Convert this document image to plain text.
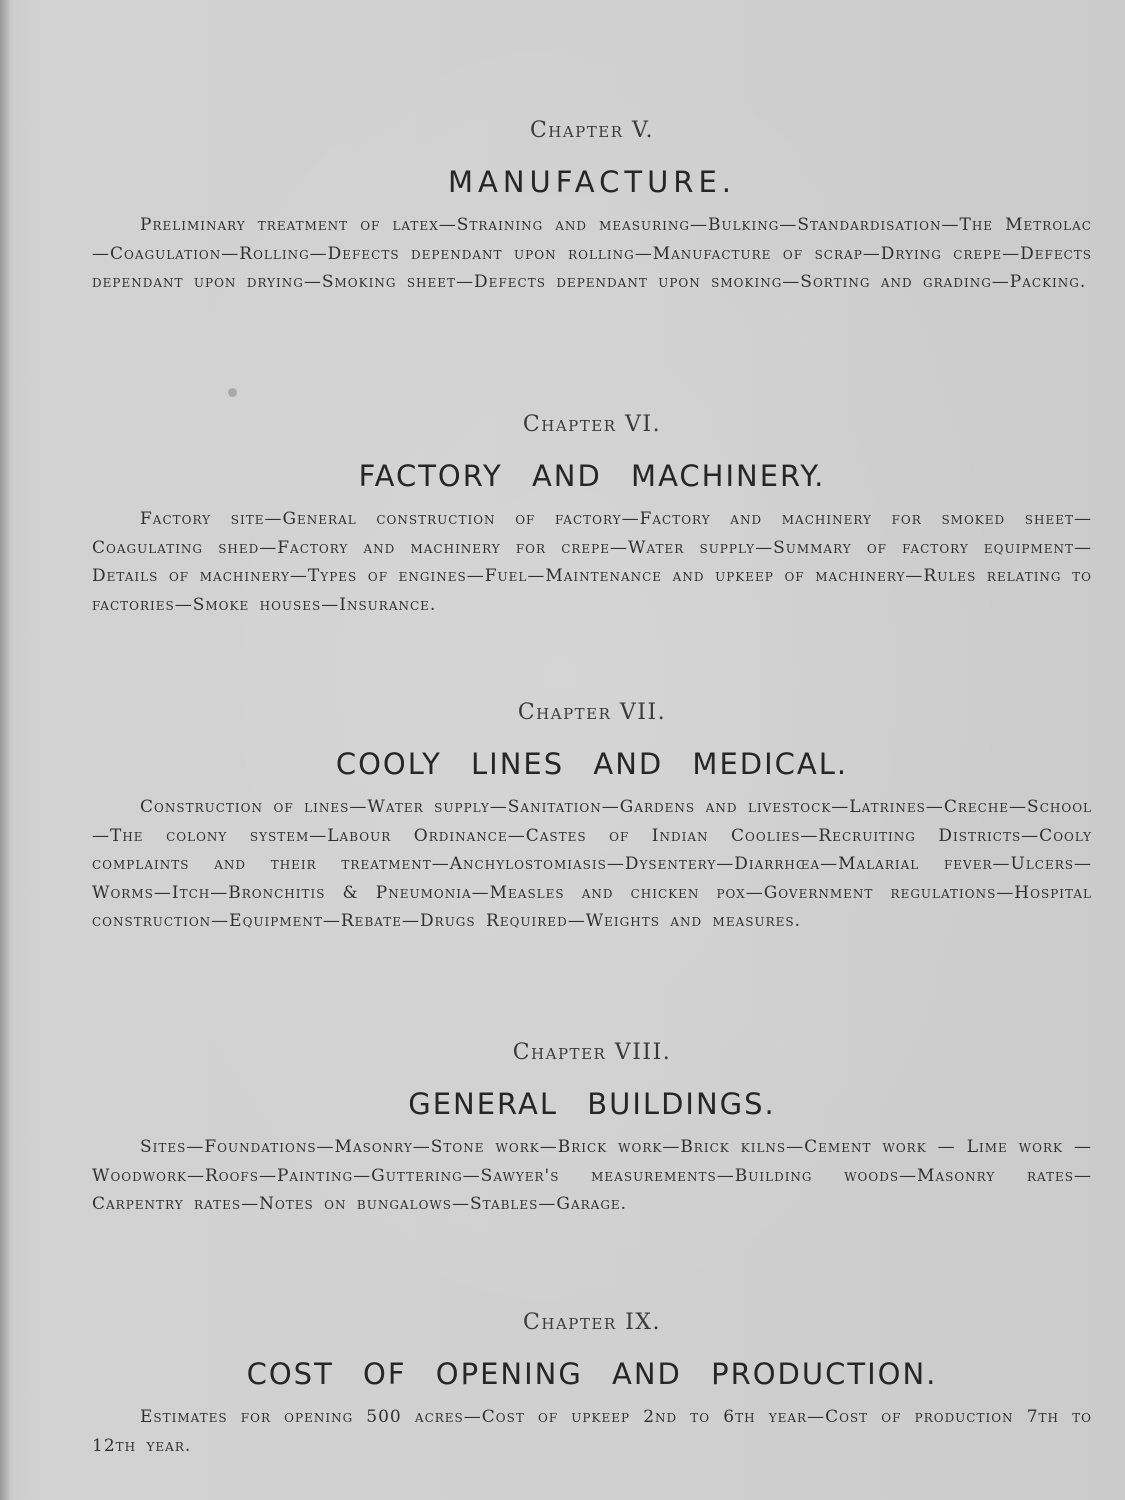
Chapter V.
MANUFACTURE.

Preliminary treatment of latex—Straining and measuring—Bulking—Standardisation—The Metrolac—Coagulation—Rolling—Defects dependant upon rolling—Manufacture of scrap—Drying crepe—Defects dependant upon drying—Smoking sheet—Defects dependant upon smoking—Sorting and grading—Packing.

Chapter VI.
FACTORY AND MACHINERY.

Factory site—General construction of factory—Factory and machinery for smoked sheet—Coagulating shed—Factory and machinery for crepe—Water supply—Summary of factory equipment—Details of machinery—Types of engines—Fuel—Maintenance and upkeep of machinery—Rules relating to factories—Smoke houses—Insurance.

Chapter VII.
COOLY LINES AND MEDICAL.

Construction of lines—Water supply—Sanitation—Gardens and livestock—Latrines—Creche—School—The colony system—Labour Ordinance—Castes of Indian Coolies—Recruiting Districts—Cooly complaints and their treatment—Anchylostomiasis—Dysentery—Diarrhœa—Malarial fever—Ulcers—Worms—Itch—Bronchitis & Pneumonia—Measles and chicken pox—Government regulations—Hospital construction—Equipment—Rebate—Drugs Required—Weights and measures.

Chapter VIII.
GENERAL BUILDINGS.

Sites—Foundations—Masonry—Stone work—Brick work—Brick kilns—Cement work — Lime work — Woodwork—Roofs—Painting—Guttering—Sawyer's measurements—Building woods—Masonry rates—Carpentry rates—Notes on bungalows—Stables—Garage.

Chapter IX.
COST OF OPENING AND PRODUCTION.

Estimates for opening 500 acres—Cost of upkeep 2nd to 6th year—Cost of production 7th to 12th year.
